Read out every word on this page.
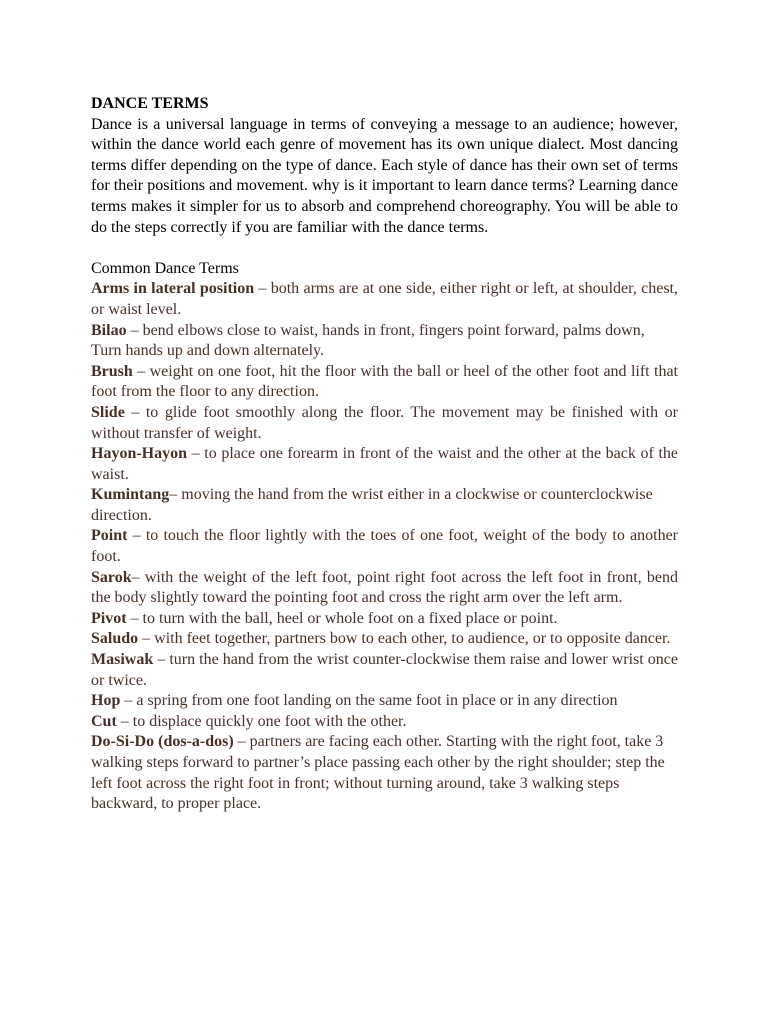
DANCE TERMS

Dance is a universal language in terms of conveying a message to an audience; however, within the dance world each genre of movement has its own unique dialect. Most dancing terms differ depending on the type of dance. Each style of dance has their own set of terms for their positions and movement. why is it important to learn dance terms? Learning dance terms makes it simpler for us to absorb and comprehend choreography. You will be able to do the steps correctly if you are familiar with the dance terms.

Common Dance Terms

Arms in lateral position – both arms are at one side, either right or left, at shoulder, chest, or waist level.
Bilao – bend elbows close to waist, hands in front, fingers point forward, palms down, Turn hands up and down alternately.
Brush – weight on one foot, hit the floor with the ball or heel of the other foot and lift that foot from the floor to any direction.
Slide – to glide foot smoothly along the floor. The movement may be finished with or without transfer of weight.
Hayon-Hayon – to place one forearm in front of the waist and the other at the back of the waist.
Kumintang– moving the hand from the wrist either in a clockwise or counterclockwise direction.
Point – to touch the floor lightly with the toes of one foot, weight of the body to another foot.
Sarok– with the weight of the left foot, point right foot across the left foot in front, bend the body slightly toward the pointing foot and cross the right arm over the left arm.
Pivot – to turn with the ball, heel or whole foot on a fixed place or point.
Saludo – with feet together, partners bow to each other, to audience, or to opposite dancer.
Masiwak – turn the hand from the wrist counter-clockwise them raise and lower wrist once or twice.
Hop – a spring from one foot landing on the same foot in place or in any direction
Cut – to displace quickly one foot with the other.
Do-Si-Do (dos-a-dos) – partners are facing each other. Starting with the right foot, take 3 walking steps forward to partner’s place passing each other by the right shoulder; step the left foot across the right foot in front; without turning around, take 3 walking steps backward, to proper place.
